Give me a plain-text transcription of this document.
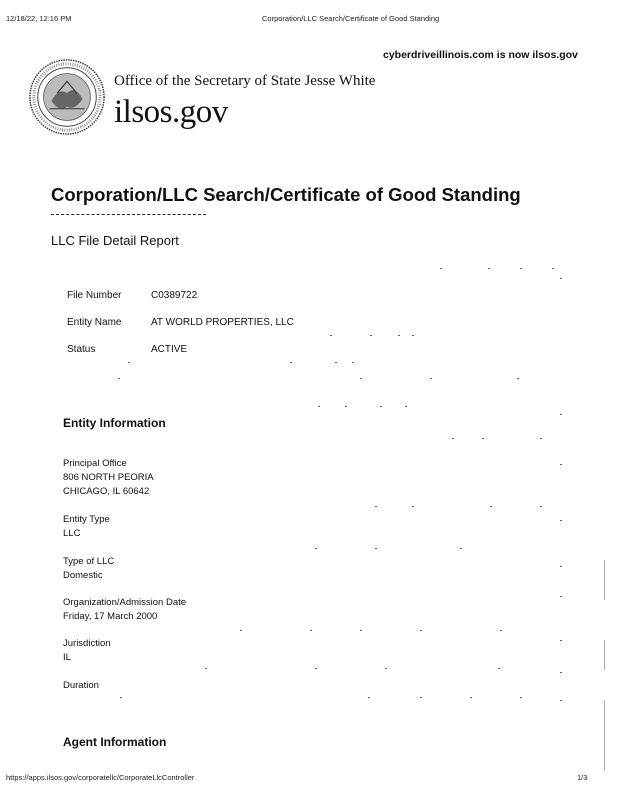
12/18/22, 12:16 PM	Corporation/LLC Search/Certificate of Good Standing
cyberdriveillinois.com is now ilsos.gov
Office of the Secretary of State Jesse White
ilsos.gov
Corporation/LLC Search/Certificate of Good Standing
LLC File Detail Report
File Number	C0389722
Entity Name	AT WORLD PROPERTIES, LLC
Status	ACTIVE
Entity Information
Principal Office
806 NORTH PEORIA
CHICAGO, IL 60642
Entity Type
LLC
Type of LLC
Domestic
Organization/Admission Date
Friday, 17 March 2000
Jurisdiction
IL
Duration
Agent Information
https://apps.ilsos.gov/corporatellc/CorporateLlcController	1/3
